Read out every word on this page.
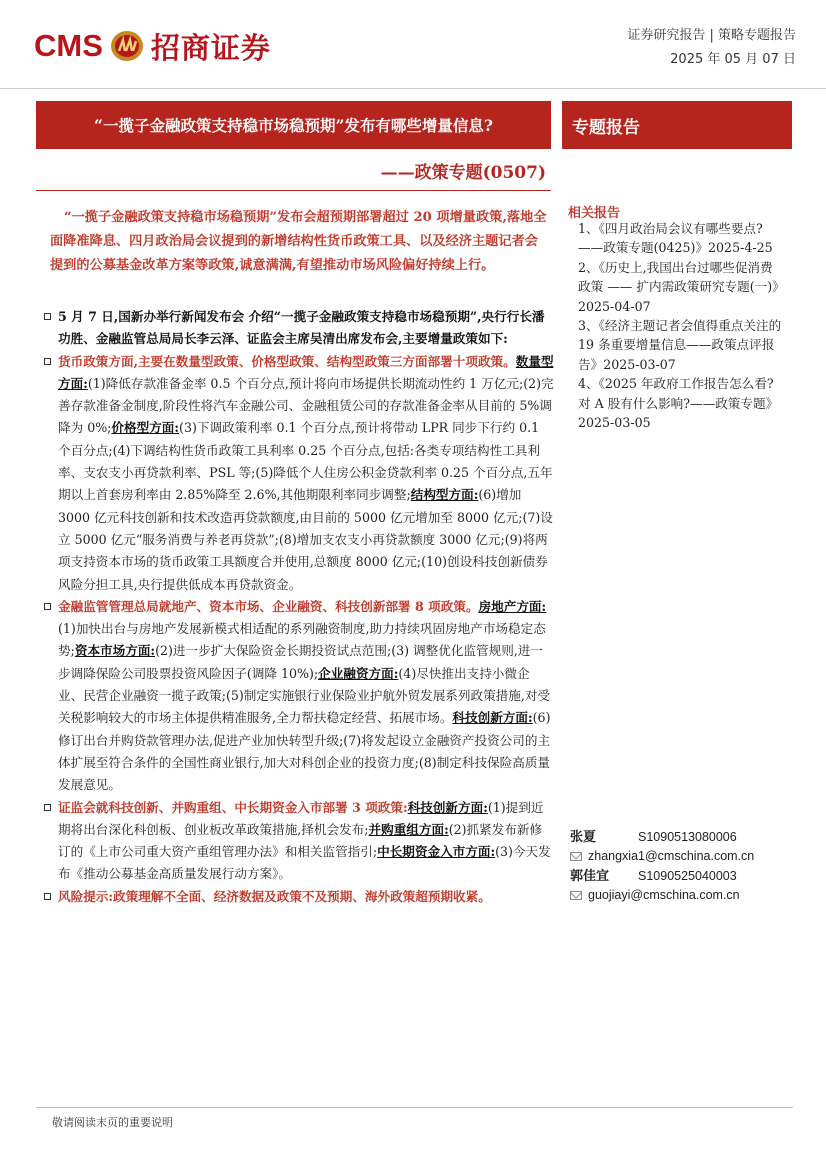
CMS 招商证券	证券研究报告 | 策略专题报告
2025 年 05 月 07 日
“一揽子金融政策支持稳市场稳预期”发布有哪些增量信息?
——政策专题(0507)
专题报告
“一揽子金融政策支持稳市场稳预期”发布会超预期部署超过 20 项增量政策,落地全面降准降息、四月政治局会议提到的新增结构性货币政策工具、以及经济主题记者会提到的公募基金改革方案等政策,诚意满满,有望推动市场风险偏好持续上行。

5 月 7 日,国新办举行新闻发布会 介绍“一揽子金融政策支持稳市场稳预期”,央行行长潘功胜、金融监管总局局长李云泽、证监会主席吴清出席发布会,主要增量政策如下:

货币政策方面,主要在数量型政策、价格型政策、结构型政策三方面部署十项政策。数量型方面:(1)降低存款准备金率 0.5 个百分点,预计将向市场提供长期流动性约 1 万亿元;(2)完善存款准备金制度,阶段性将汽车金融公司、金融租赁公司的存款准备金率从目前的 5%调降为 0%;价格型方面:(3)下调政策利率 0.1 个百分点,预计将带动 LPR 同步下行约 0.1 个百分点;(4)下调结构性货币政策工具利率 0.25 个百分点,包括:各类专项结构性工具利率、支农支小再贷款利率、PSL 等;(5)降低个人住房公积金贷款利率 0.25 个百分点,五年期以上首套房利率由 2.85%降至 2.6%,其他期限利率同步调整;结构型方面:(6)增加 3000 亿元科技创新和技术改造再贷款额度,由目前的 5000 亿元增加至 8000 亿元;(7)设立 5000 亿元“服务消费与养老再贷款”;(8)增加支农支小再贷款额度 3000 亿元;(9)将两项支持资本市场的货币政策工具额度合并使用,总额度 8000 亿元;(10)创设科技创新债券风险分担工具,央行提供低成本再贷款资金。

金融监管管理总局就地产、资本市场、企业融资、科技创新部署 8 项政策。房地产方面:(1)加快出台与房地产发展新模式相适配的系列融资制度,助力持续巩固房地产市场稳定态势;资本市场方面:(2)进一步扩大保险资金长期投资试点范围;(3) 调整优化监管规则,进一步调降保险公司股票投资风险因子(调降 10%);企业融资方面:(4)尽快推出支持小微企业、民营企业融资一揽子政策;(5)制定实施银行业保险业护航外贸发展系列政策措施,对受关税影响较大的市场主体提供精准服务,全力帮扶稳定经营、拓展市场。科技创新方面:(6)修订出台并购贷款管理办法,促进产业加快转型升级;(7)将发起设立金融资产投资公司的主体扩展至符合条件的全国性商业银行,加大对科创企业的投资力度;(8)制定科技保险高质量发展意见。

证监会就科技创新、并购重组、中长期资金入市部署 3 项政策:科技创新方面:(1)提到近期将出台深化科创板、创业板改革政策措施,择机会发布;并购重组方面:(2)抓紧发布新修订的《上市公司重大资产重组管理办法》和相关监管指引;中长期资金入市方面:(3)今天发布《推动公募基金高质量发展行动方案》。

风险提示:政策理解不全面、经济数据及政策不及预期、海外政策超预期收紧。

相关报告
1、《四月政治局会议有哪些要点?——政策专题(0425)》2025-4-25
2、《历史上,我国出台过哪些促消费政策 —— 扩内需政策研究专题(一)》2025-04-07
3、《经济主题记者会值得重点关注的 19 条重要增量信息——政策点评报告》2025-03-07
4、《2025 年政府工作报告怎么看?对 A 股有什么影响?——政策专题》2025-03-05
张夏	S1090513080006
zhangxia1@cmschina.com.cn
郭佳宜 S1090525040003
guojiayi@cmschina.com.cn
敬请阅读末页的重要说明
